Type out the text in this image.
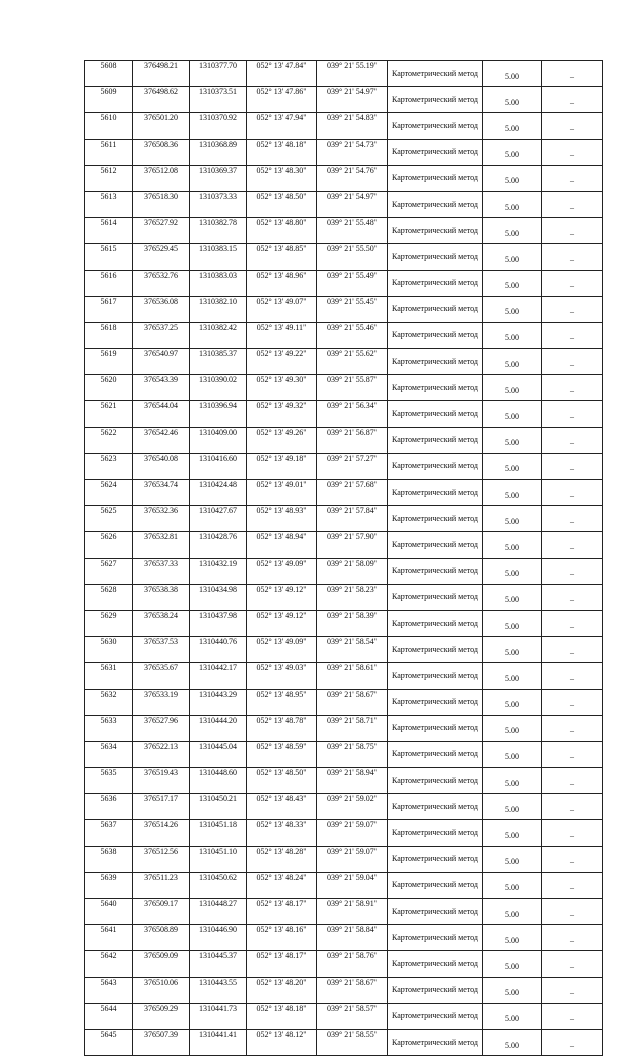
5608	376498.21	1310377.70	052° 13' 47.84"	039° 21' 55.19"	Картометрический метод	5.00	–
5609	376498.62	1310373.51	052° 13' 47.86"	039° 21' 54.97"	Картометрический метод	5.00	–
5610	376501.20	1310370.92	052° 13' 47.94"	039° 21' 54.83"	Картометрический метод	5.00	–
5611	376508.36	1310368.89	052° 13' 48.18"	039° 21' 54.73"	Картометрический метод	5.00	–
5612	376512.08	1310369.37	052° 13' 48.30"	039° 21' 54.76"	Картометрический метод	5.00	–
5613	376518.30	1310373.33	052° 13' 48.50"	039° 21' 54.97"	Картометрический метод	5.00	–
5614	376527.92	1310382.78	052° 13' 48.80"	039° 21' 55.48"	Картометрический метод	5.00	–
5615	376529.45	1310383.15	052° 13' 48.85"	039° 21' 55.50"	Картометрический метод	5.00	–
5616	376532.76	1310383.03	052° 13' 48.96"	039° 21' 55.49"	Картометрический метод	5.00	–
5617	376536.08	1310382.10	052° 13' 49.07"	039° 21' 55.45"	Картометрический метод	5.00	–
5618	376537.25	1310382.42	052° 13' 49.11"	039° 21' 55.46"	Картометрический метод	5.00	–
5619	376540.97	1310385.37	052° 13' 49.22"	039° 21' 55.62"	Картометрический метод	5.00	–
5620	376543.39	1310390.02	052° 13' 49.30"	039° 21' 55.87"	Картометрический метод	5.00	–
5621	376544.04	1310396.94	052° 13' 49.32"	039° 21' 56.34"	Картометрический метод	5.00	–
5622	376542.46	1310409.00	052° 13' 49.26"	039° 21' 56.87"	Картометрический метод	5.00	–
5623	376540.08	1310416.60	052° 13' 49.18"	039° 21' 57.27"	Картометрический метод	5.00	–
5624	376534.74	1310424.48	052° 13' 49.01"	039° 21' 57.68"	Картометрический метод	5.00	–
5625	376532.36	1310427.67	052° 13' 48.93"	039° 21' 57.84"	Картометрический метод	5.00	–
5626	376532.81	1310428.76	052° 13' 48.94"	039° 21' 57.90"	Картометрический метод	5.00	–
5627	376537.33	1310432.19	052° 13' 49.09"	039° 21' 58.09"	Картометрический метод	5.00	–
5628	376538.38	1310434.98	052° 13' 49.12"	039° 21' 58.23"	Картометрический метод	5.00	–
5629	376538.24	1310437.98	052° 13' 49.12"	039° 21' 58.39"	Картометрический метод	5.00	–
5630	376537.53	1310440.76	052° 13' 49.09"	039° 21' 58.54"	Картометрический метод	5.00	–
5631	376535.67	1310442.17	052° 13' 49.03"	039° 21' 58.61"	Картометрический метод	5.00	–
5632	376533.19	1310443.29	052° 13' 48.95"	039° 21' 58.67"	Картометрический метод	5.00	–
5633	376527.96	1310444.20	052° 13' 48.78"	039° 21' 58.71"	Картометрический метод	5.00	–
5634	376522.13	1310445.04	052° 13' 48.59"	039° 21' 58.75"	Картометрический метод	5.00	–
5635	376519.43	1310448.60	052° 13' 48.50"	039° 21' 58.94"	Картометрический метод	5.00	–
5636	376517.17	1310450.21	052° 13' 48.43"	039° 21' 59.02"	Картометрический метод	5.00	–
5637	376514.26	1310451.18	052° 13' 48.33"	039° 21' 59.07"	Картометрический метод	5.00	–
5638	376512.56	1310451.10	052° 13' 48.28"	039° 21' 59.07"	Картометрический метод	5.00	–
5639	376511.23	1310450.62	052° 13' 48.24"	039° 21' 59.04"	Картометрический метод	5.00	–
5640	376509.17	1310448.27	052° 13' 48.17"	039° 21' 58.91"	Картометрический метод	5.00	–
5641	376508.89	1310446.90	052° 13' 48.16"	039° 21' 58.84"	Картометрический метод	5.00	–
5642	376509.09	1310445.37	052° 13' 48.17"	039° 21' 58.76"	Картометрический метод	5.00	–
5643	376510.06	1310443.55	052° 13' 48.20"	039° 21' 58.67"	Картометрический метод	5.00	–
5644	376509.29	1310441.73	052° 13' 48.18"	039° 21' 58.57"	Картометрический метод	5.00	–
5645	376507.39	1310441.41	052° 13' 48.12"	039° 21' 58.55"	Картометрический метод	5.00	–
